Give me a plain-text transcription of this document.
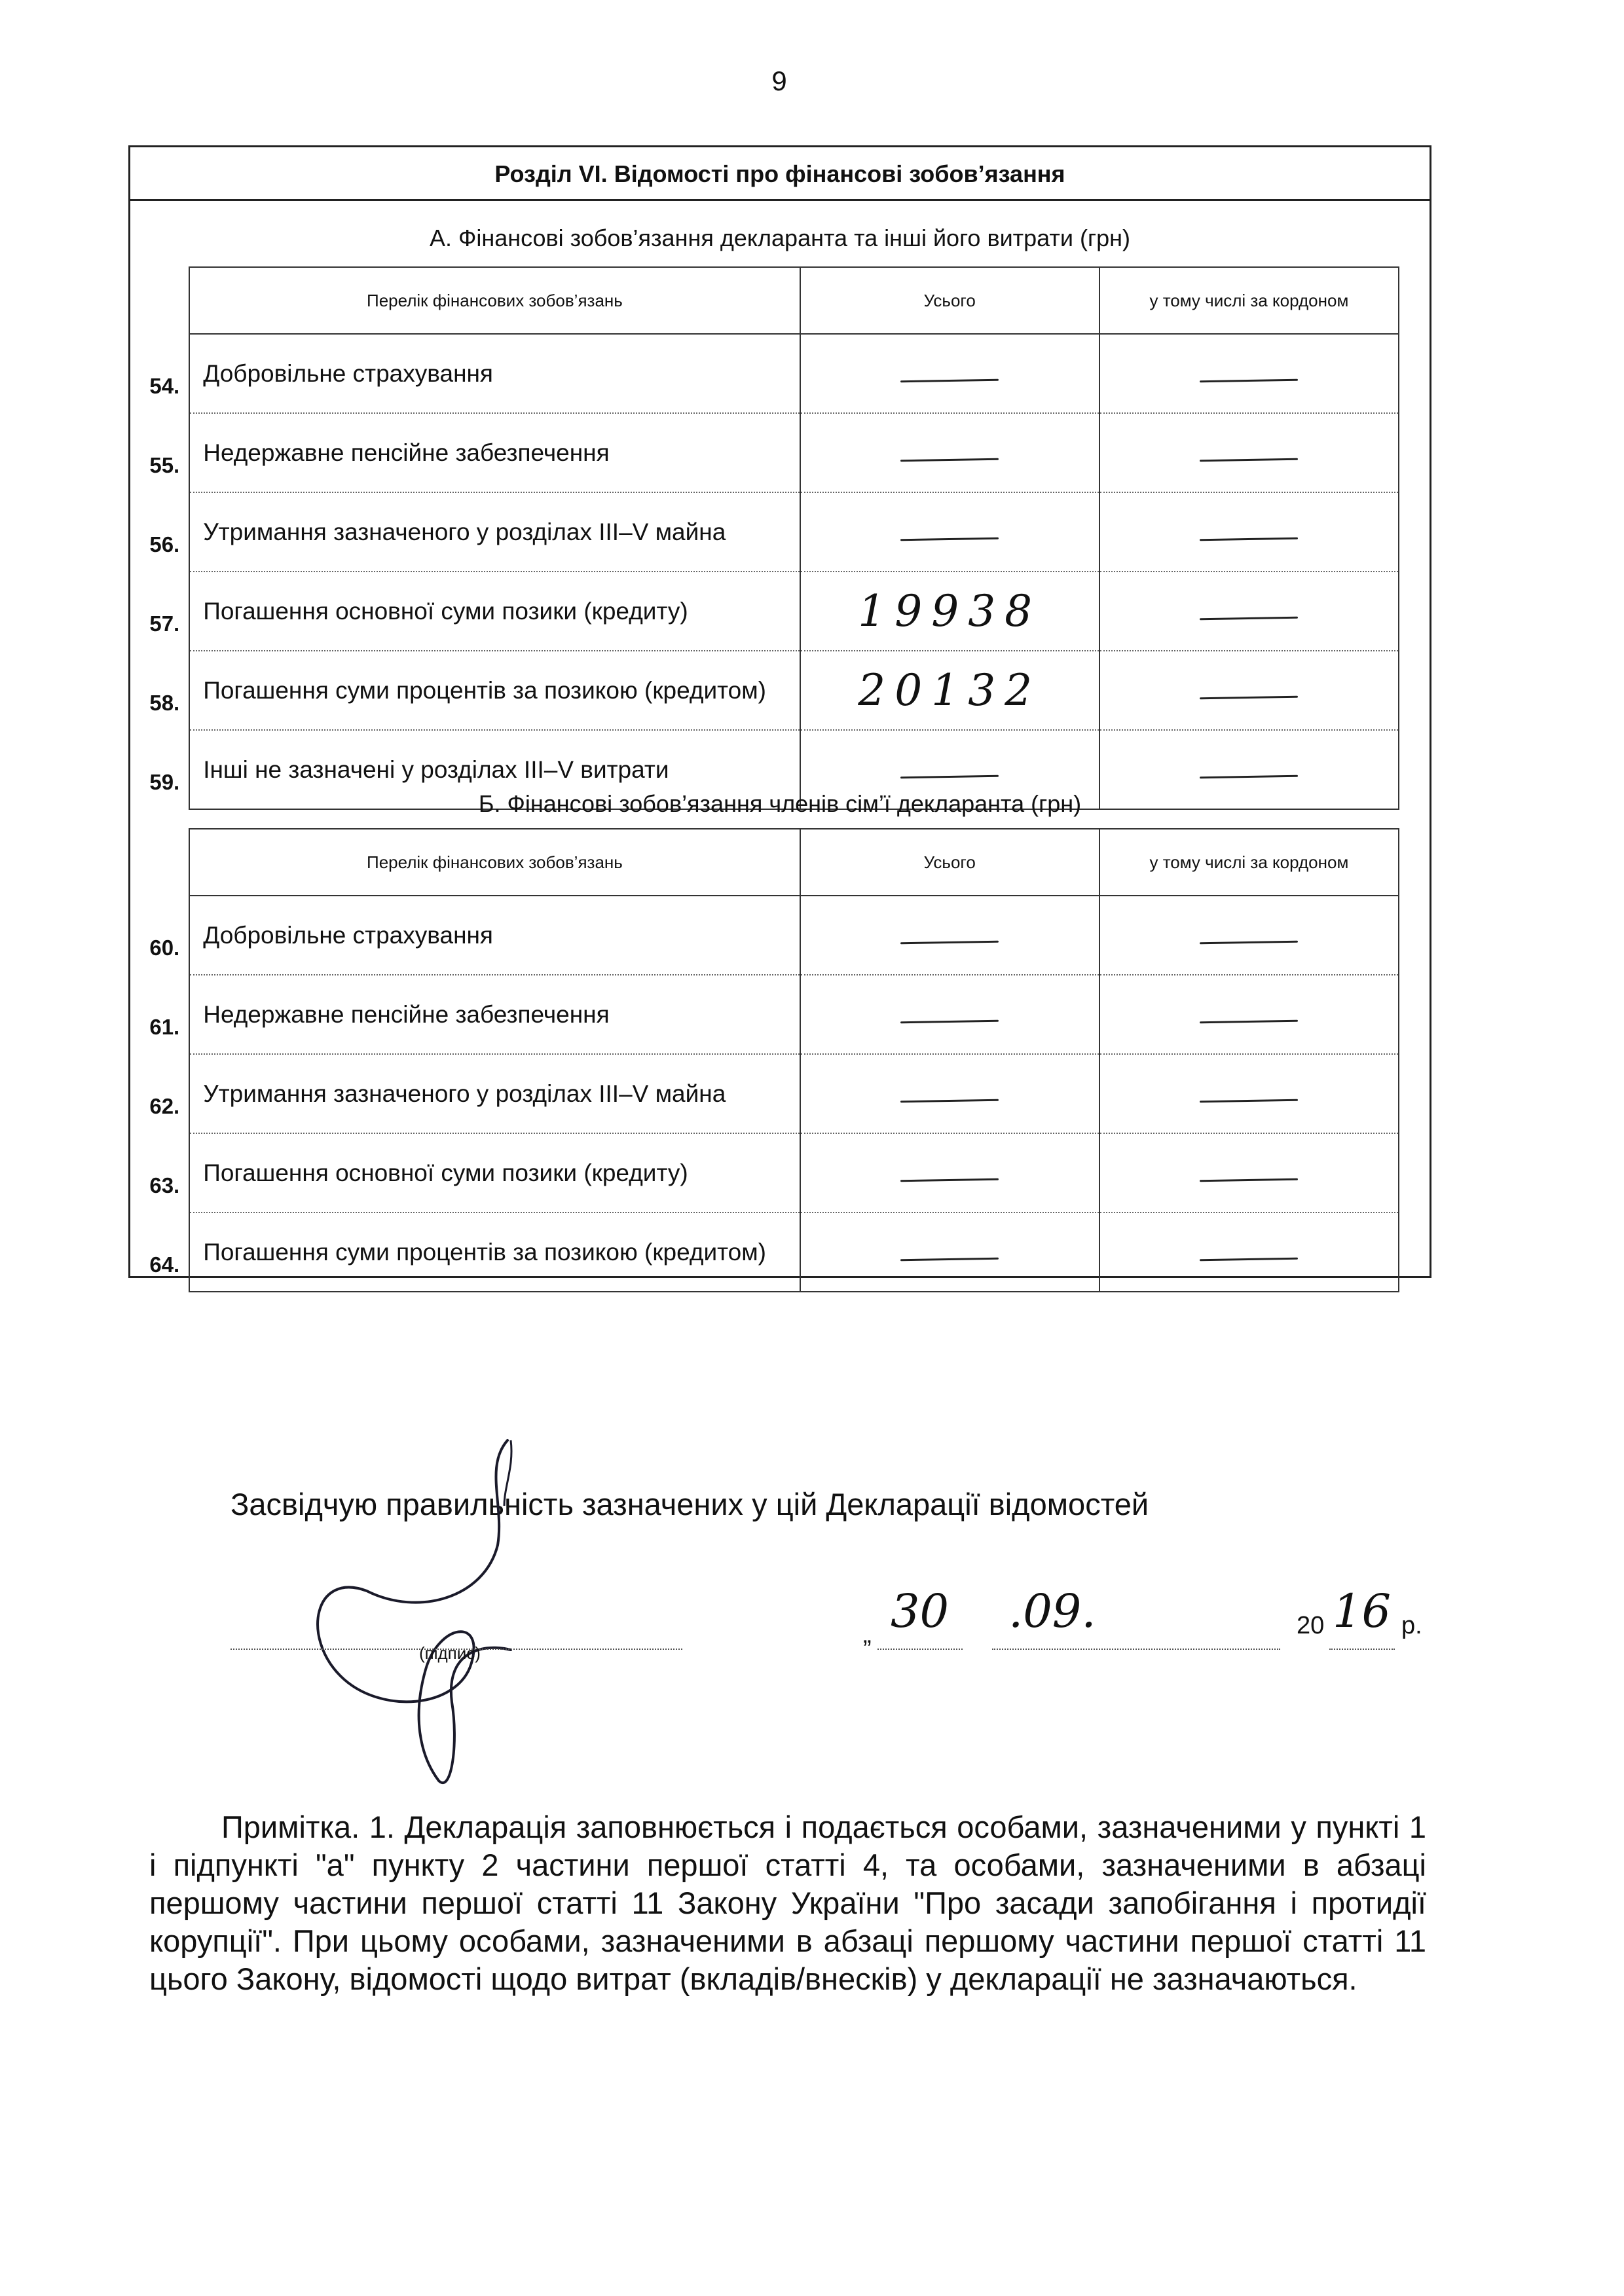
9
Розділ VI. Відомості про фінансові зобов’язання
А. Фінансові зобов’язання декларанта та інші його витрати (грн)
	Перелік фінансових зобов’язань	Усього	у тому числі за кордоном
54.	Добровільне страхування		
55.	Недержавне пенсійне забезпечення		
56.	Утримання зазначеного у розділах III–V майна		
57.	Погашення основної суми позики (кредиту)	19938	
58.	Погашення суми процентів за позикою (кредитом)	20132	
59.	Інші не зазначені у розділах III–V витрати		
Б. Фінансові зобов’язання членів сім’ї декларанта (грн)
	Перелік фінансових зобов’язань	Усього	у тому числі за кордоном
60.	Добровільне страхування		
61.	Недержавне пенсійне забезпечення		
62.	Утримання зазначеного у розділах III–V майна		
63.	Погашення основної суми позики (кредиту)		
64.	Погашення суми процентів за позикою (кредитом)		
Засвідчую правильність зазначених у цій Декларації відомостей
(підпис)
„ 30 .09.	20 16 р.

Примітка. 1. Декларація заповнюється і подається особами, зазначеними у пункті 1 і підпункті "а" пункту 2 частини першої статті 4, та особами, зазначеними в абзаці першому частини першої статті 11 Закону України "Про засади запобігання і протидії корупції". При цьому особами, зазначеними в абзаці першому частини першої статті 11 цього Закону, відомості щодо витрат (вкладів/внесків) у декларації не зазначаються.
